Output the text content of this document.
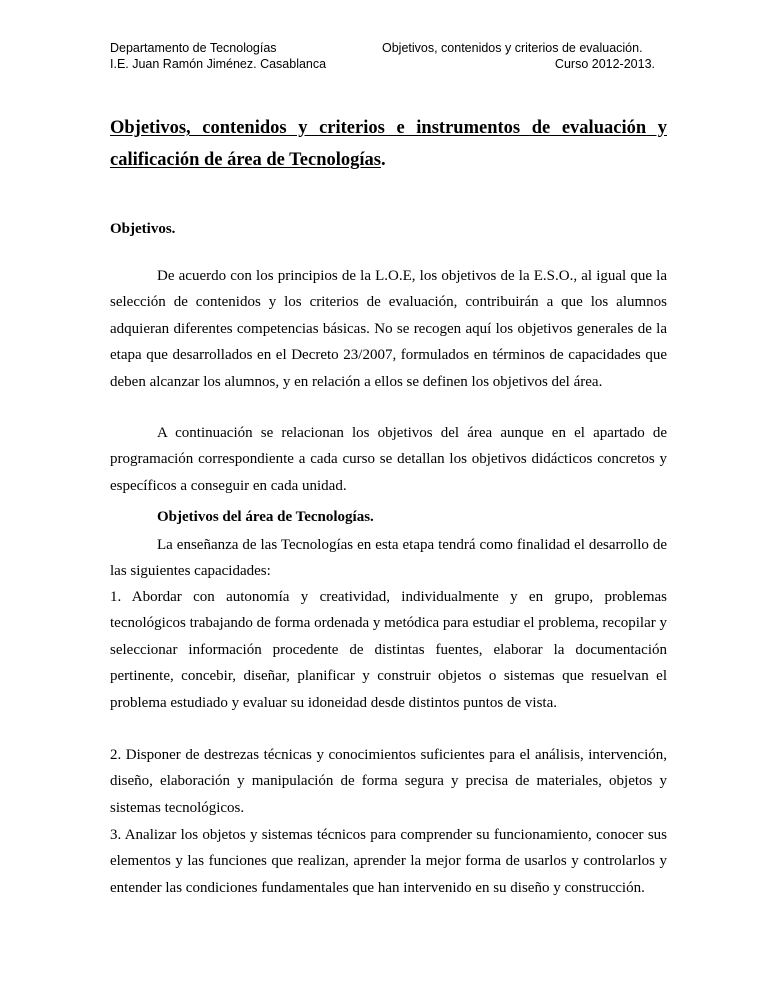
Departamento de Tecnologías
I.E. Juan Ramón Jiménez. Casablanca
Objetivos, contenidos y criterios de evaluación.
Curso 2012-2013.
Objetivos, contenidos y criterios e instrumentos de evaluación y calificación de área de Tecnologías.
Objetivos.

De acuerdo con los principios de la L.O.E, los objetivos de la E.S.O., al igual que la selección de contenidos y los criterios de evaluación, contribuirán a que los alumnos adquieran diferentes competencias básicas. No se recogen aquí los objetivos generales de la etapa que desarrollados en el Decreto 23/2007, formulados en términos de capacidades que deben alcanzar los alumnos, y en relación a ellos se definen los objetivos del área.

A continuación se relacionan los objetivos del área aunque en el apartado de programación correspondiente a cada curso se detallan los objetivos didácticos concretos y específicos a conseguir en cada unidad.

Objetivos del área de Tecnologías.

La enseñanza de las Tecnologías en esta etapa tendrá como finalidad el desarrollo de las siguientes capacidades:

1. Abordar con autonomía y creatividad, individualmente y en grupo, problemas tecnológicos trabajando de forma ordenada y metódica para estudiar el problema, recopilar y seleccionar información procedente de distintas fuentes, elaborar la documentación pertinente, concebir, diseñar, planificar y construir objetos o sistemas que resuelvan el problema estudiado y evaluar su idoneidad desde distintos puntos de vista.

2. Disponer de destrezas técnicas y conocimientos suficientes para el análisis, intervención, diseño, elaboración y manipulación de forma segura y precisa de materiales, objetos y sistemas tecnológicos.

3. Analizar los objetos y sistemas técnicos para comprender su funcionamiento, conocer sus elementos y las funciones que realizan, aprender la mejor forma de usarlos y controlarlos y entender las condiciones fundamentales que han intervenido en su diseño y construcción.
